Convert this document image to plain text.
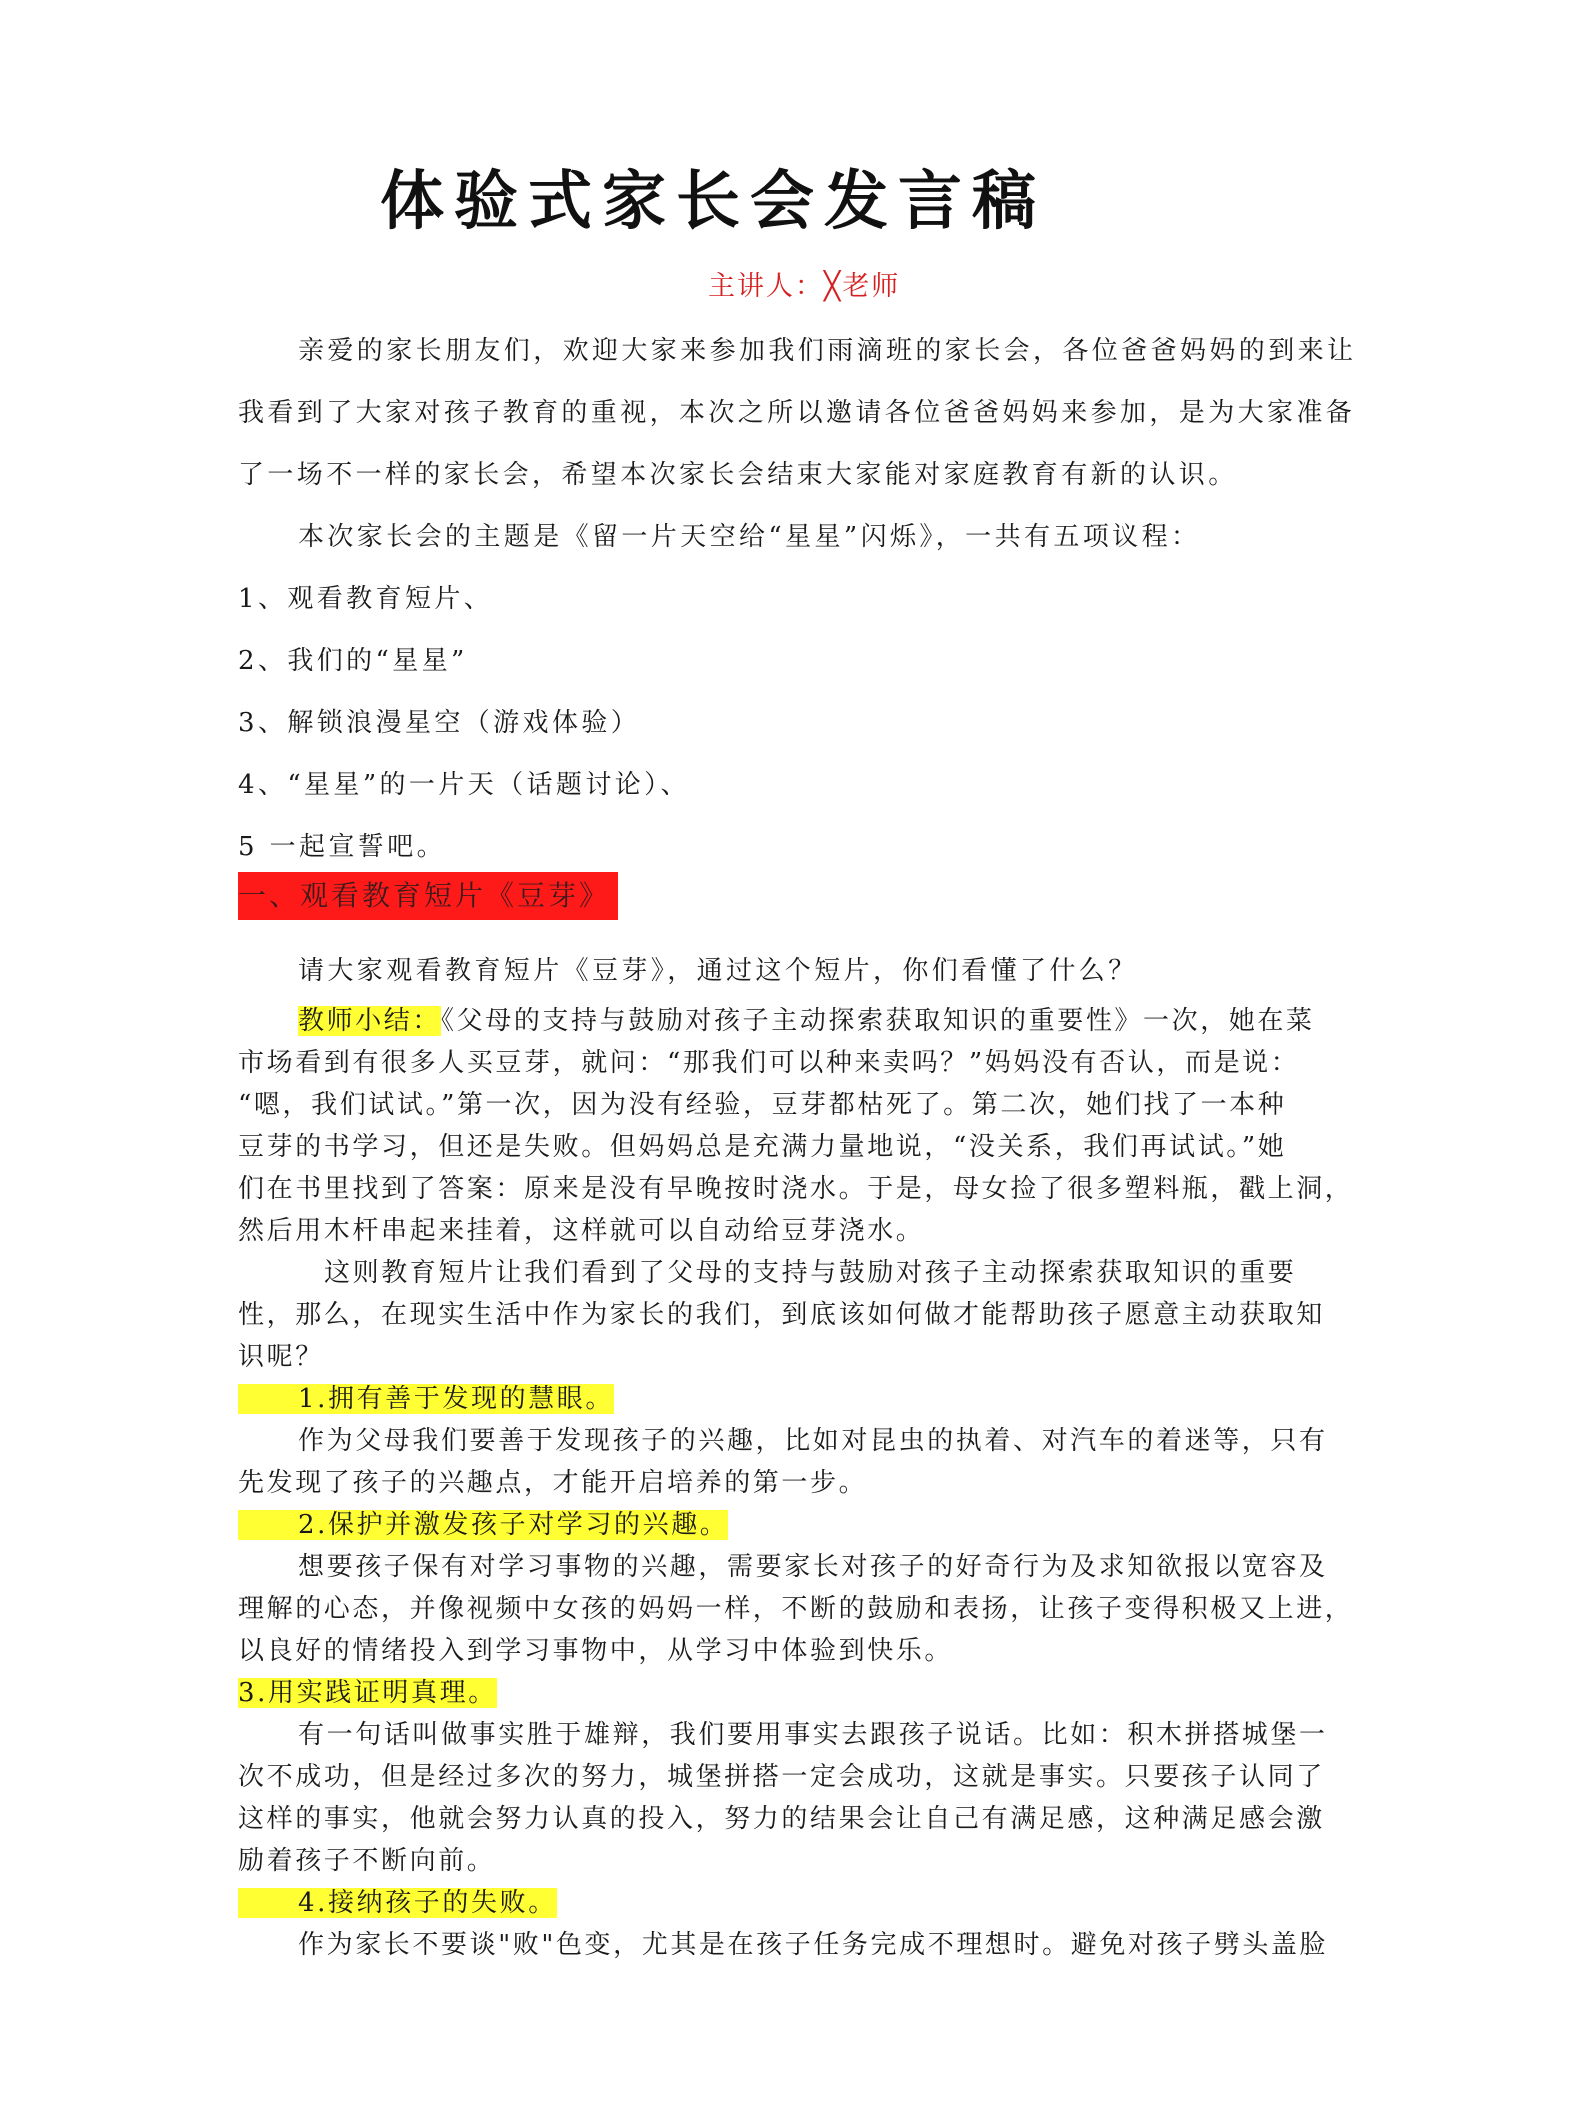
体验式家长会发言稿
主讲人：╳老师
亲爱的家长朋友们，欢迎大家来参加我们雨滴班的家长会，各位爸爸妈妈的到来让
我看到了大家对孩子教育的重视，本次之所以邀请各位爸爸妈妈来参加，是为大家准备
了一场不一样的家长会，希望本次家长会结束大家能对家庭教育有新的认识。
本次家长会的主题是《留一片天空给“星星”闪烁》，一共有五项议程：
1、观看教育短片、
2、我们的“星星”
3、解锁浪漫星空（游戏体验）
4、“星星”的一片天（话题讨论）、
5 一起宣誓吧。
一、观看教育短片《豆芽》
请大家观看教育短片《豆芽》，通过这个短片，你们看懂了什么？
教师小结：《父母的支持与鼓励对孩子主动探索获取知识的重要性》一次，她在菜
市场看到有很多人买豆芽，就问：“那我们可以种来卖吗？”妈妈没有否认，而是说：
“嗯，我们试试。”第一次，因为没有经验，豆芽都枯死了。第二次，她们找了一本种
豆芽的书学习，但还是失败。但妈妈总是充满力量地说，“没关系，我们再试试。”她
们在书里找到了答案：原来是没有早晚按时浇水。于是，母女捡了很多塑料瓶，戳上洞，
然后用木杆串起来挂着，这样就可以自动给豆芽浇水。
这则教育短片让我们看到了父母的支持与鼓励对孩子主动探索获取知识的重要
性，那么，在现实生活中作为家长的我们，到底该如何做才能帮助孩子愿意主动获取知
识呢？
1.拥有善于发现的慧眼。
作为父母我们要善于发现孩子的兴趣，比如对昆虫的执着、对汽车的着迷等，只有
先发现了孩子的兴趣点，才能开启培养的第一步。
2.保护并激发孩子对学习的兴趣。
想要孩子保有对学习事物的兴趣，需要家长对孩子的好奇行为及求知欲报以宽容及
理解的心态，并像视频中女孩的妈妈一样，不断的鼓励和表扬，让孩子变得积极又上进，
以良好的情绪投入到学习事物中，从学习中体验到快乐。
3.用实践证明真理。
有一句话叫做事实胜于雄辩，我们要用事实去跟孩子说话。比如：积木拼搭城堡一
次不成功，但是经过多次的努力，城堡拼搭一定会成功，这就是事实。只要孩子认同了
这样的事实，他就会努力认真的投入，努力的结果会让自己有满足感，这种满足感会激
励着孩子不断向前。
4.接纳孩子的失败。
作为家长不要谈"败"色变，尤其是在孩子任务完成不理想时。避免对孩子劈头盖脸
